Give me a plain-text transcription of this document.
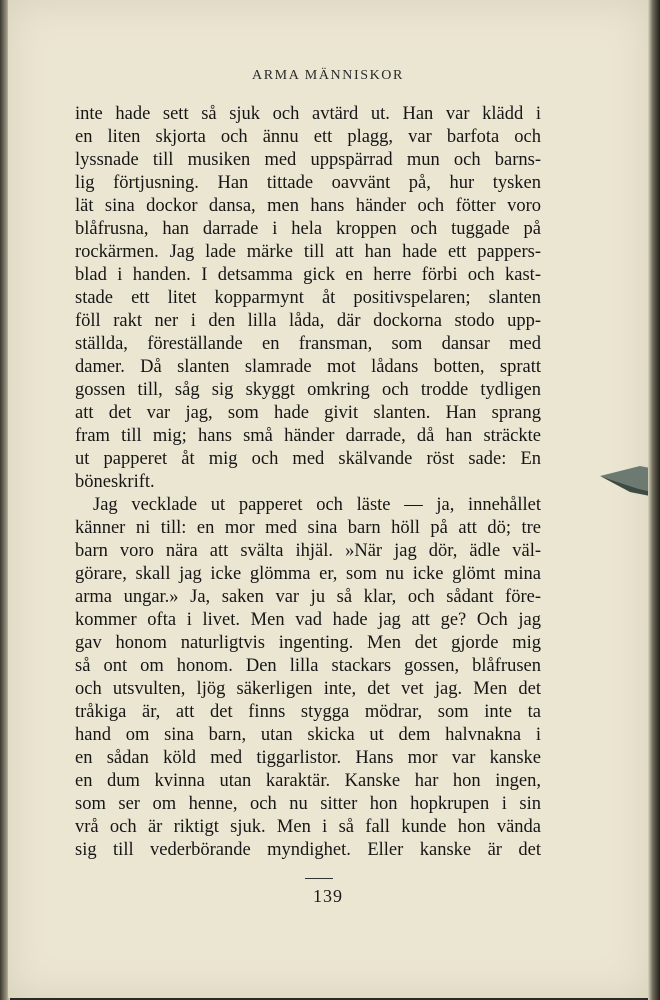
ARMA MÄNNISKOR
inte hade sett så sjuk och avtärd ut. Han var klädd i
en liten skjorta och ännu ett plagg, var barfota och
lyssnade till musiken med uppspärrad mun och barns-
lig förtjusning. Han tittade oavvänt på, hur tysken
lät sina dockor dansa, men hans händer och fötter voro
blåfrusna, han darrade i hela kroppen och tuggade på
rockärmen. Jag lade märke till att han hade ett pappers-
blad i handen. I detsamma gick en herre förbi och kast-
stade ett litet kopparmynt åt positivspelaren; slanten
föll rakt ner i den lilla låda, där dockorna stodo upp-
ställda, föreställande en fransman, som dansar med
damer. Då slanten slamrade mot lådans botten, spratt
gossen till, såg sig skyggt omkring och trodde tydligen
att det var jag, som hade givit slanten. Han sprang
fram till mig; hans små händer darrade, då han sträckte
ut papperet åt mig och med skälvande röst sade: En
böneskrift.
Jag vecklade ut papperet och läste — ja, innehållet
känner ni till: en mor med sina barn höll på att dö; tre
barn voro nära att svälta ihjäl. »När jag dör, ädle väl-
görare, skall jag icke glömma er, som nu icke glömt mina
arma ungar.» Ja, saken var ju så klar, och sådant före-
kommer ofta i livet. Men vad hade jag att ge? Och jag
gav honom naturligtvis ingenting. Men det gjorde mig
så ont om honom. Den lilla stackars gossen, blåfrusen
och utsvulten, ljög säkerligen inte, det vet jag. Men det
tråkiga är, att det finns stygga mödrar, som inte ta
hand om sina barn, utan skicka ut dem halvnakna i
en sådan köld med tiggarlistor. Hans mor var kanske
en dum kvinna utan karaktär. Kanske har hon ingen,
som ser om henne, och nu sitter hon hopkrupen i sin
vrå och är riktigt sjuk. Men i så fall kunde hon vända
sig till vederbörande myndighet. Eller kanske är det
139
